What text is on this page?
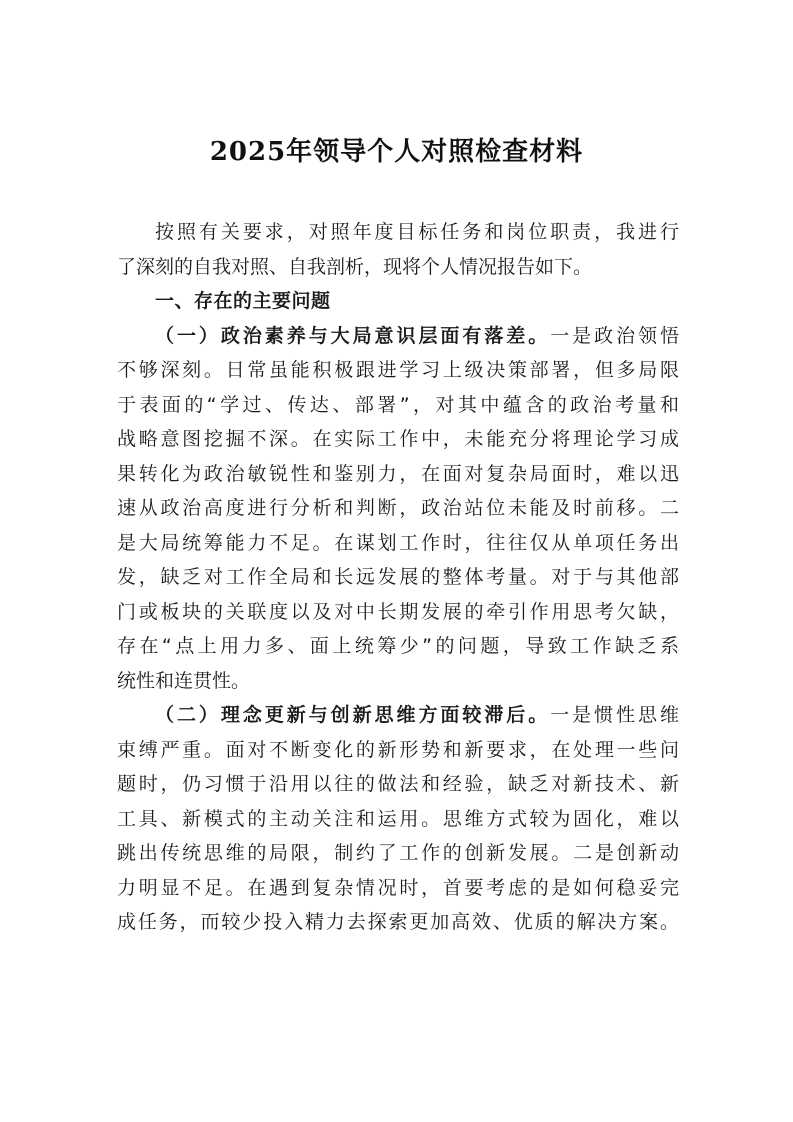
2025年领导个人对照检查材料
按照有关要求，对照年度目标任务和岗位职责，我进行
了深刻的自我对照、自我剖析，现将个人情况报告如下。
一、存在的主要问题
（一）政治素养与大局意识层面有落差。一是政治领悟
不够深刻。日常虽能积极跟进学习上级决策部署，但多局限
于表面的“学过、传达、部署”，对其中蕴含的政治考量和
战略意图挖掘不深。在实际工作中，未能充分将理论学习成
果转化为政治敏锐性和鉴别力，在面对复杂局面时，难以迅
速从政治高度进行分析和判断，政治站位未能及时前移。二
是大局统筹能力不足。在谋划工作时，往往仅从单项任务出
发，缺乏对工作全局和长远发展的整体考量。对于与其他部
门或板块的关联度以及对中长期发展的牵引作用思考欠缺，
存在“点上用力多、面上统筹少”的问题，导致工作缺乏系
统性和连贯性。
（二）理念更新与创新思维方面较滞后。一是惯性思维
束缚严重。面对不断变化的新形势和新要求，在处理一些问
题时，仍习惯于沿用以往的做法和经验，缺乏对新技术、新
工具、新模式的主动关注和运用。思维方式较为固化，难以
跳出传统思维的局限，制约了工作的创新发展。二是创新动
力明显不足。在遇到复杂情况时，首要考虑的是如何稳妥完
成任务，而较少投入精力去探索更加高效、优质的解决方案。
